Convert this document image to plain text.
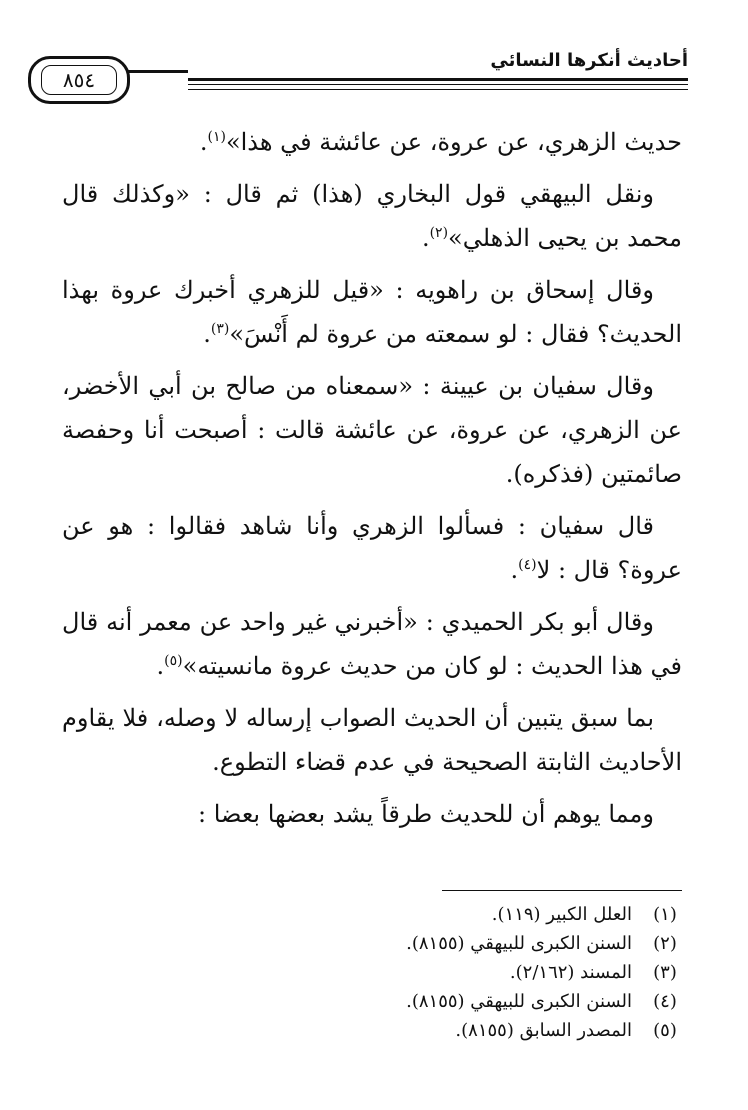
أحاديث أنكرها النسائي
٨٥٤

حديث الزهري، عن عروة، عن عائشة في هذا»$^{(١)}$.

ونقل البيهقي قول البخاري (هذا) ثم قال : «وكذلك قال محمد بن يحيى الذهلي»$^{(٢)}$.

وقال إسحاق بن راهويه : «قيل للزهري أخبرك عروة بهذا الحديث؟ فقال : لو سمعته من عروة لم أَنْسَ»$^{(٣)}$.

وقال سفيان بن عيينة : «سمعناه من صالح بن أبي الأخضر، عن الزهري، عن عروة، عن عائشة قالت : أصبحت أنا وحفصة صائمتين (فذكره).

قال سفيان : فسألوا الزهري وأنا شاهد فقالوا : هو عن عروة؟ قال : لا$^{(٤)}$.

وقال أبو بكر الحميدي : «أخبرني غير واحد عن معمر أنه قال في هذا الحديث : لو كان من حديث عروة مانسيته»$^{(٥)}$.

بما سبق يتبين أن الحديث الصواب إرساله لا وصله، فلا يقاوم الأحاديث الثابتة الصحيحة في عدم قضاء التطوع.

ومما يوهم أن للحديث طرقاً يشد بعضها بعضا :

(١)
العلل الكبير (١١٩).
(٢)
السنن الكبرى للبيهقي (٨١٥٥).
(٣)
المسند (٢/١٦٢).
(٤)
السنن الكبرى للبيهقي (٨١٥٥).
(٥)
المصدر السابق (٨١٥٥).
